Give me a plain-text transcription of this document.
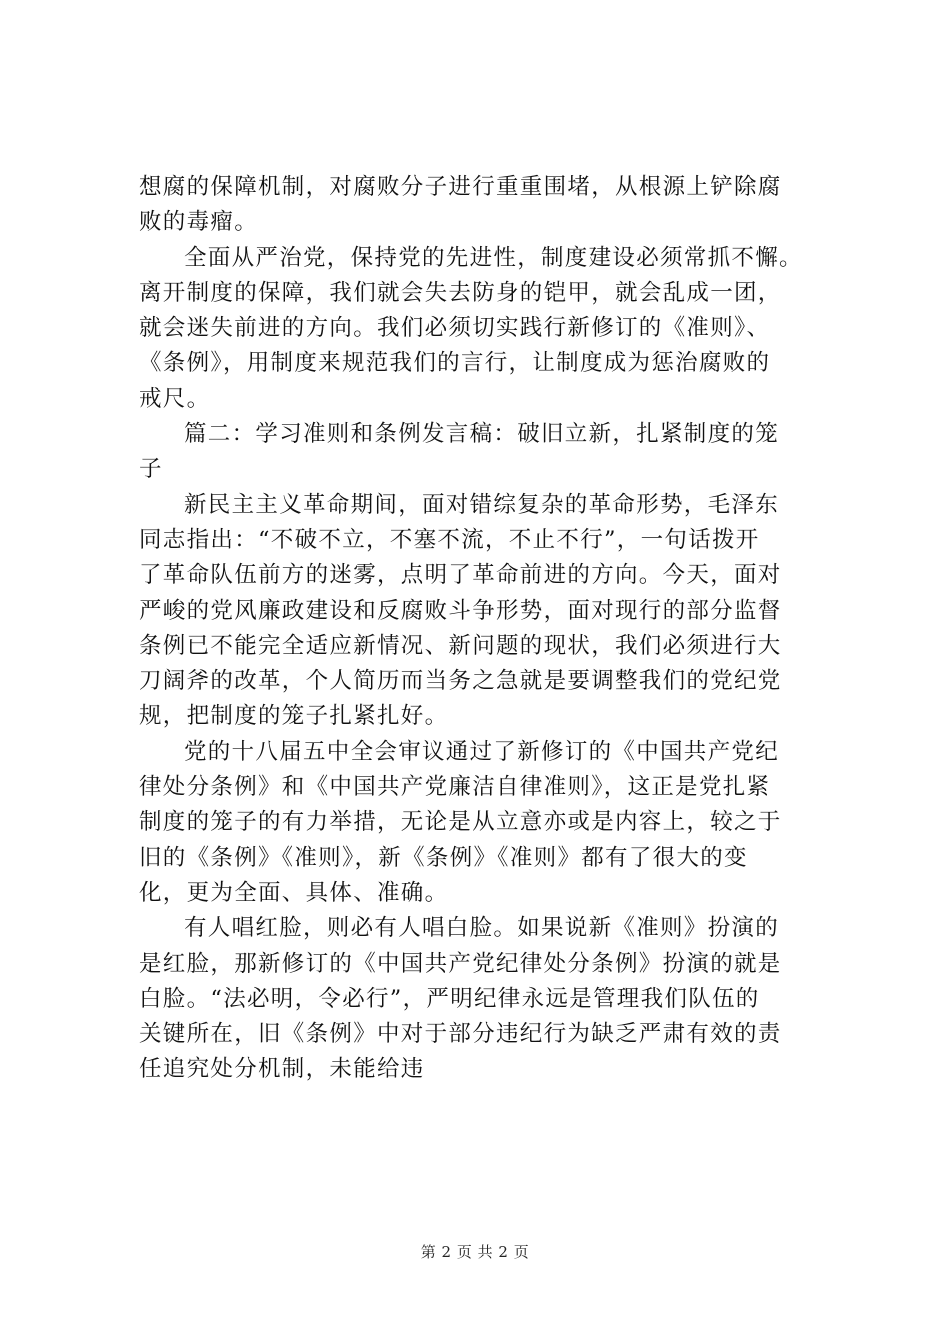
想腐的保障机制，对腐败分子进行重重围堵，从根源上铲除腐
败的毒瘤。
全面从严治党，保持党的先进性，制度建设必须常抓不懈。
离开制度的保障，我们就会失去防身的铠甲，就会乱成一团，
就会迷失前进的方向。我们必须切实践行新修订的《准则》、
《条例》，用制度来规范我们的言行，让制度成为惩治腐败的
戒尺。
篇二：学习准则和条例发言稿：破旧立新，扎紧制度的笼
子
新民主主义革命期间，面对错综复杂的革命形势，毛泽东
同志指出：“不破不立，不塞不流，不止不行”，一句话拨开
了革命队伍前方的迷雾，点明了革命前进的方向。今天，面对
严峻的党风廉政建设和反腐败斗争形势，面对现行的部分监督
条例已不能完全适应新情况、新问题的现状，我们必须进行大
刀阔斧的改革，个人简历而当务之急就是要调整我们的党纪党
规，把制度的笼子扎紧扎好。
党的十八届五中全会审议通过了新修订的《中国共产党纪
律处分条例》和《中国共产党廉洁自律准则》，这正是党扎紧
制度的笼子的有力举措，无论是从立意亦或是内容上，较之于
旧的《条例》《准则》，新《条例》《准则》都有了很大的变
化，更为全面、具体、准确。
有人唱红脸，则必有人唱白脸。如果说新《准则》扮演的
是红脸，那新修订的《中国共产党纪律处分条例》扮演的就是
白脸。“法必明，令必行”，严明纪律永远是管理我们队伍的
关键所在，旧《条例》中对于部分违纪行为缺乏严肃有效的责
任追究处分机制，未能给违
第 2 页 共 2 页
